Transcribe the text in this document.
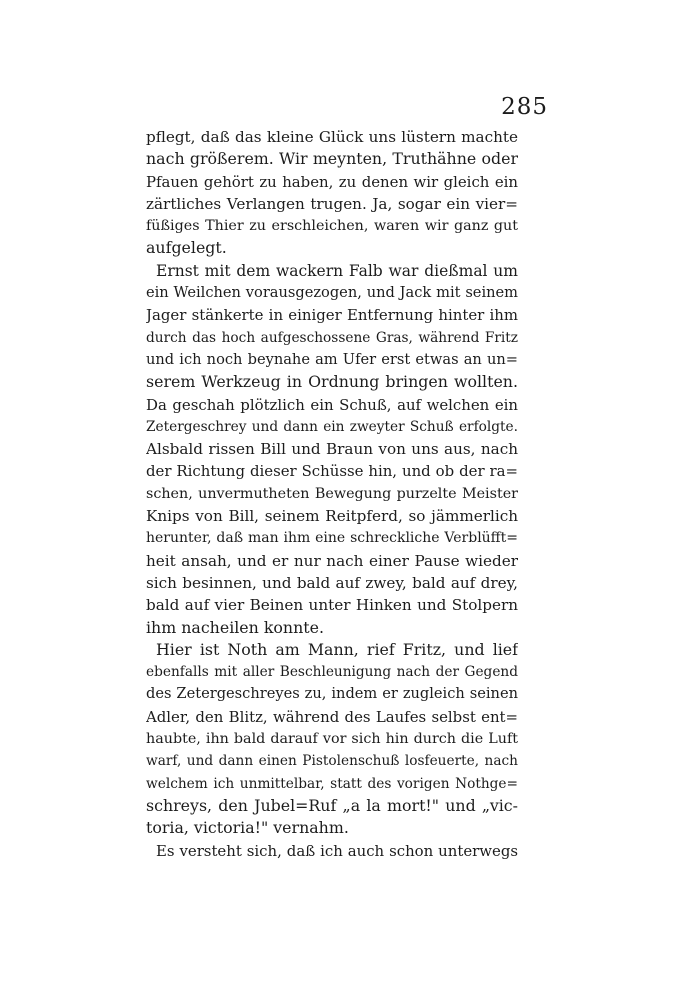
285
pflegt, daß das kleine Glück uns lüstern machte
nach größerem. Wir meynten, Truthähne oder
Pfauen gehört zu haben, zu denen wir gleich ein
zärtliches Verlangen trugen. Ja, sogar ein vier=
füßiges Thier zu erschleichen, waren wir ganz gut
aufgelegt.
Ernst mit dem wackern Falb war dießmal um
ein Weilchen vorausgezogen, und Jack mit seinem
Jager stänkerte in einiger Entfernung hinter ihm
durch das hoch aufgeschossene Gras, während Fritz
und ich noch beynahe am Ufer erst etwas an un=
serem Werkzeug in Ordnung bringen wollten.
Da geschah plötzlich ein Schuß, auf welchen ein
Zetergeschrey und dann ein zweyter Schuß erfolgte.
Alsbald rissen Bill und Braun von uns aus, nach
der Richtung dieser Schüsse hin, und ob der ra=
schen, unvermutheten Bewegung purzelte Meister
Knips von Bill, seinem Reitpferd, so jämmerlich
herunter, daß man ihm eine schreckliche Verblüfft=
heit ansah, und er nur nach einer Pause wieder
sich besinnen, und bald auf zwey, bald auf drey,
bald auf vier Beinen unter Hinken und Stolpern
ihm nacheilen konnte.
Hier ist Noth am Mann, rief Fritz, und lief
ebenfalls mit aller Beschleunigung nach der Gegend
des Zetergeschreyes zu, indem er zugleich seinen
Adler, den Blitz, während des Laufes selbst ent=
haubte, ihn bald darauf vor sich hin durch die Luft
warf, und dann einen Pistolenschuß losfeuerte, nach
welchem ich unmittelbar, statt des vorigen Nothge=
schreys, den Jubel=Ruf „a la mort!" und „vic-
toria, victoria!" vernahm.
Es versteht sich, daß ich auch schon unterwegs
